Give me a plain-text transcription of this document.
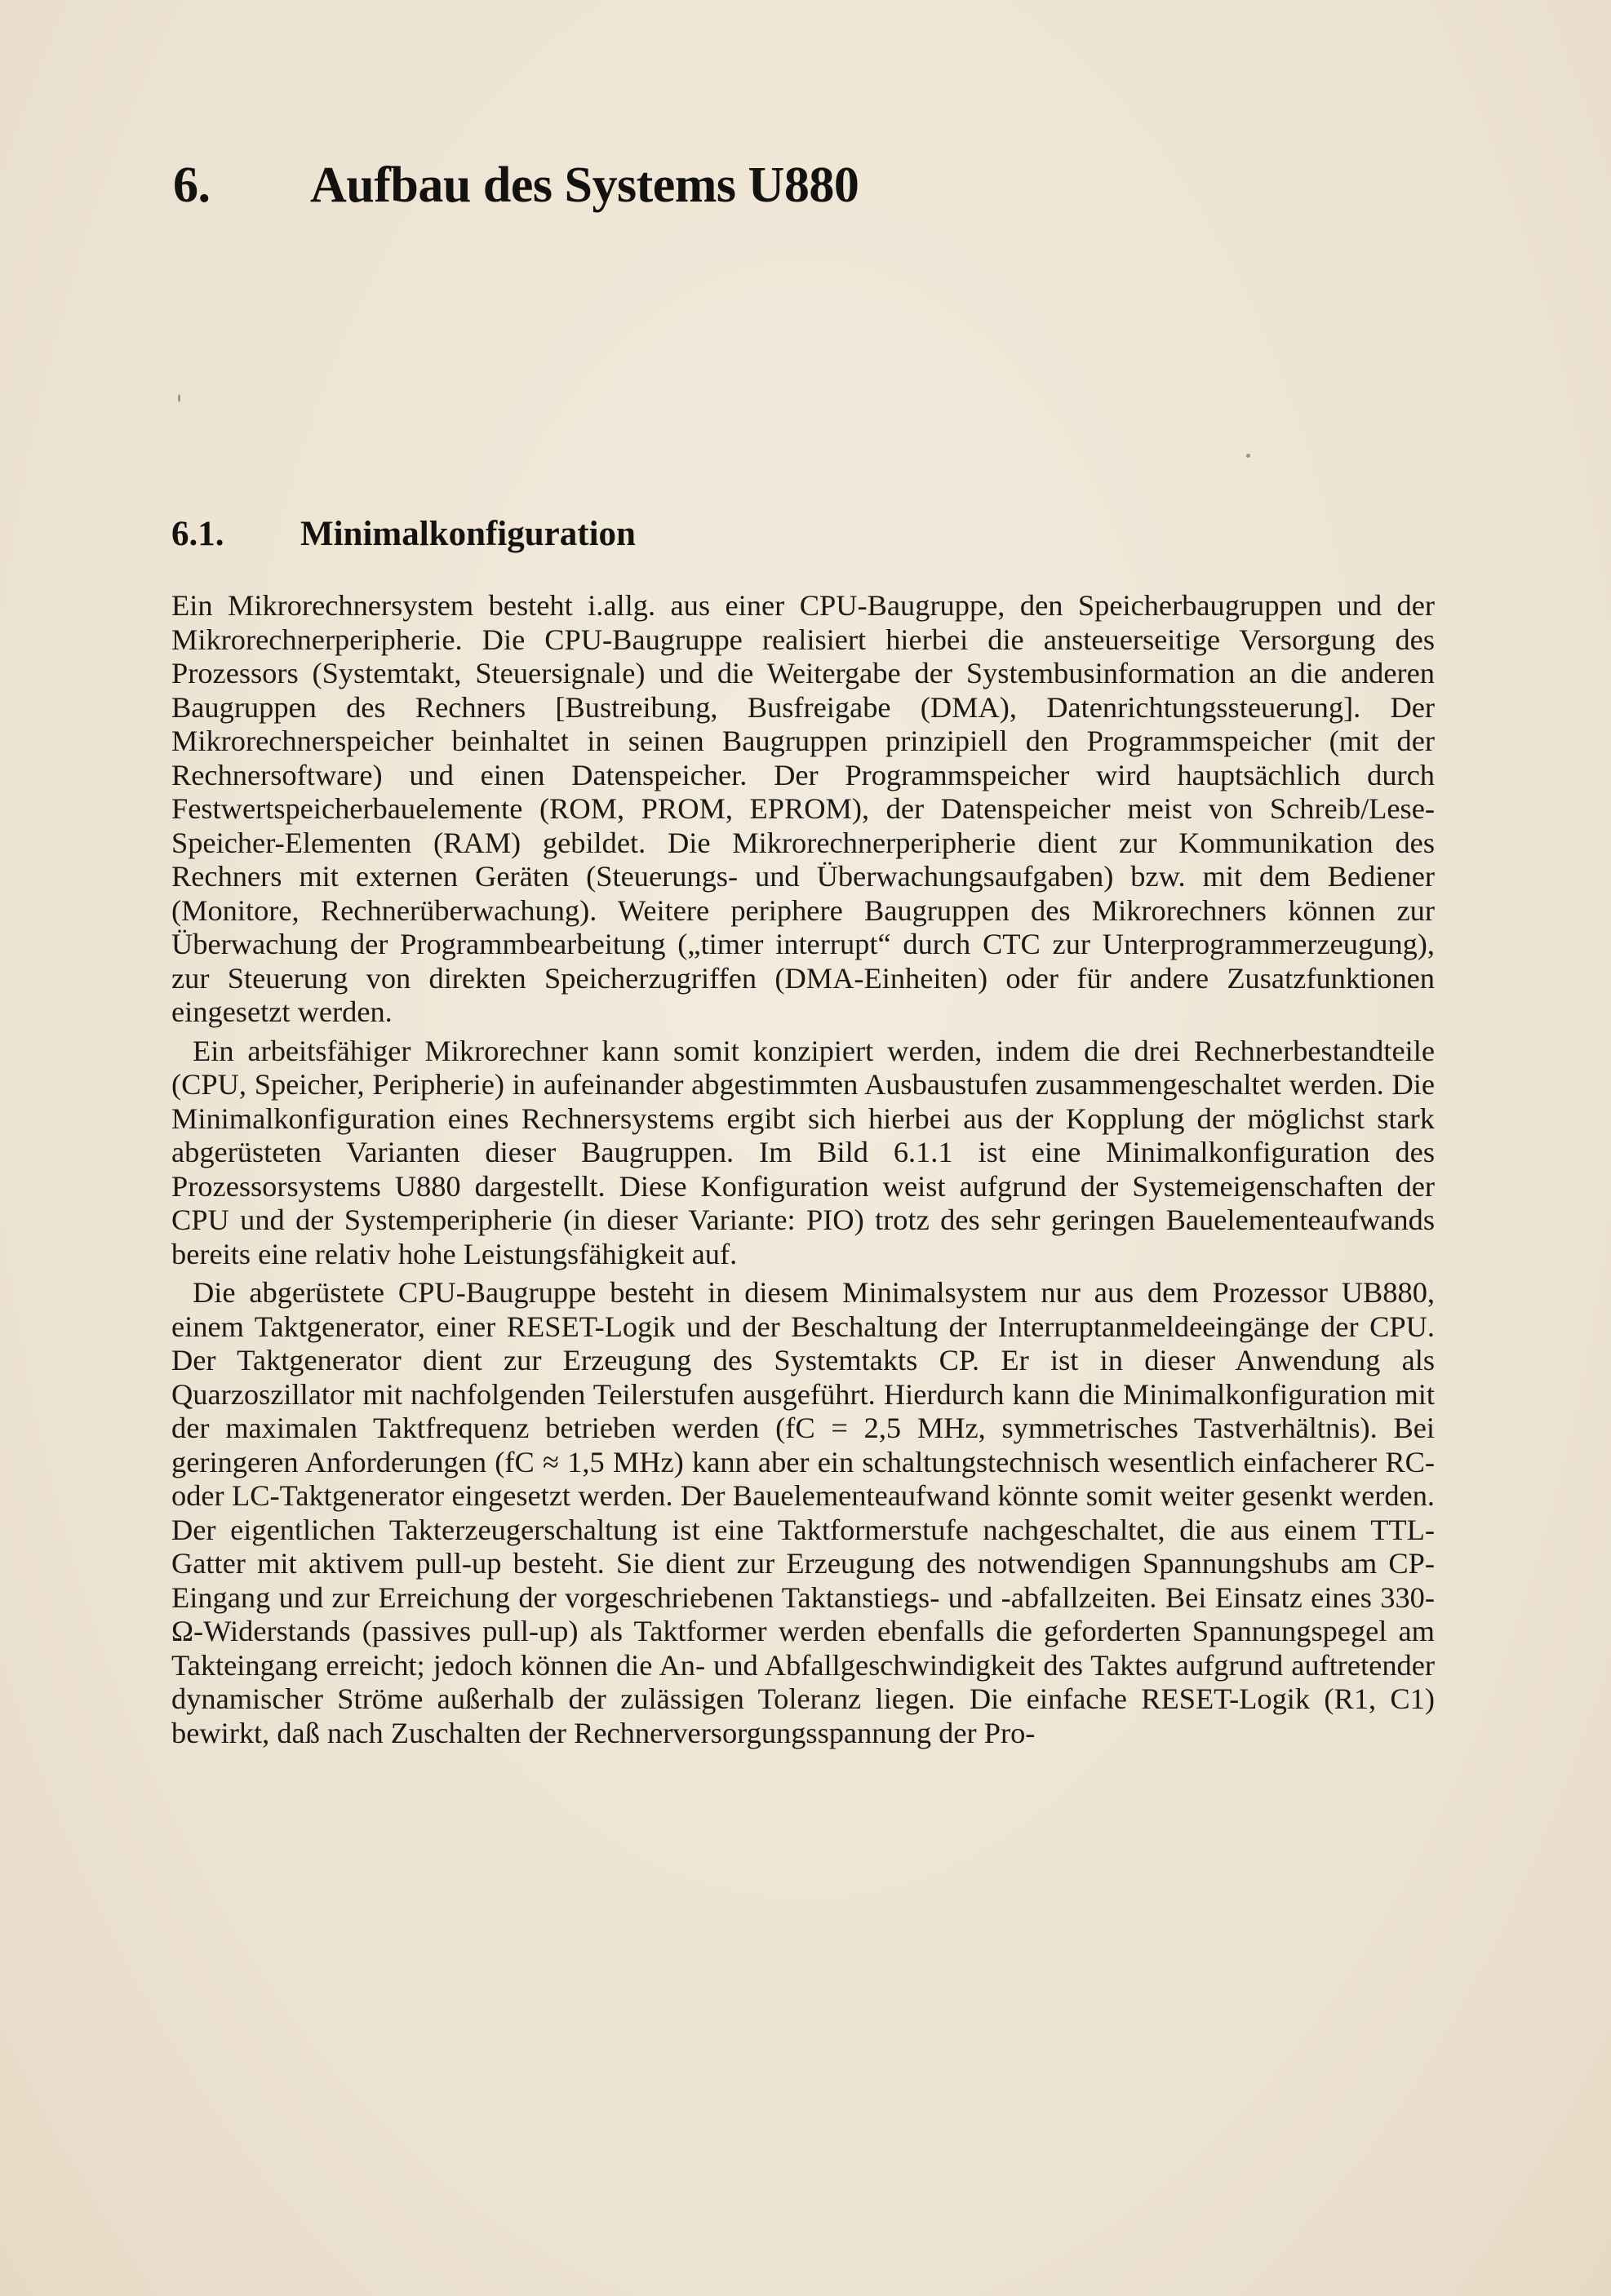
6.	Aufbau des Systems U880
6.1.	Minimalkonfiguration

Ein Mikrorechnersystem besteht i.allg. aus einer CPU-Baugruppe, den Speicherbaugruppen und der Mikrorechnerperipherie. Die CPU-Baugruppe realisiert hierbei die ansteuerseitige Versorgung des Prozessors (Systemtakt, Steuersignale) und die Weitergabe der Systembusinformation an die anderen Baugruppen des Rechners [Bustreibung, Busfreigabe (DMA), Datenrichtungssteuerung]. Der Mikrorechnerspeicher beinhaltet in seinen Baugruppen prinzipiell den Programmspeicher (mit der Rechnersoftware) und einen Datenspeicher. Der Programmspeicher wird hauptsächlich durch Festwertspeicherbauelemente (ROM, PROM, EPROM), der Datenspeicher meist von Schreib/Lese-Speicher-Elementen (RAM) gebildet. Die Mikrorechnerperipherie dient zur Kommunikation des Rechners mit externen Geräten (Steuerungs- und Überwachungsaufgaben) bzw. mit dem Bediener (Monitore, Rechnerüberwachung). Weitere periphere Baugruppen des Mikrorechners können zur Überwachung der Programmbearbeitung („timer interrupt“ durch CTC zur Unterprogrammerzeugung), zur Steuerung von direkten Speicherzugriffen (DMA-Einheiten) oder für andere Zusatzfunktionen eingesetzt werden.

Ein arbeitsfähiger Mikrorechner kann somit konzipiert werden, indem die drei Rechnerbestandteile (CPU, Speicher, Peripherie) in aufeinander abgestimmten Ausbaustufen zusammengeschaltet werden. Die Minimalkonfiguration eines Rechnersystems ergibt sich hierbei aus der Kopplung der möglichst stark abgerüsteten Varianten dieser Baugruppen. Im Bild 6.1.1 ist eine Minimalkonfiguration des Prozessorsystems U880 dargestellt. Diese Konfiguration weist aufgrund der Systemeigenschaften der CPU und der Systemperipherie (in dieser Variante: PIO) trotz des sehr geringen Bauelementeaufwands bereits eine relativ hohe Leistungsfähigkeit auf.

Die abgerüstete CPU-Baugruppe besteht in diesem Minimalsystem nur aus dem Prozessor UB880, einem Taktgenerator, einer RESET-Logik und der Beschaltung der Interruptanmeldeeingänge der CPU. Der Taktgenerator dient zur Erzeugung des Systemtakts CP. Er ist in dieser Anwendung als Quarzoszillator mit nachfolgenden Teilerstufen ausgeführt. Hierdurch kann die Minimalkonfiguration mit der maximalen Taktfrequenz betrieben werden (fC = 2,5 MHz, symmetrisches Tastverhältnis). Bei geringeren Anforderungen (fC ≈ 1,5 MHz) kann aber ein schaltungstechnisch wesentlich einfacherer RC- oder LC-Taktgenerator eingesetzt werden. Der Bauelementeaufwand könnte somit weiter gesenkt werden. Der eigentlichen Takterzeugerschaltung ist eine Taktformerstufe nachgeschaltet, die aus einem TTL-Gatter mit aktivem pull-up besteht. Sie dient zur Erzeugung des notwendigen Spannungshubs am CP-Eingang und zur Erreichung der vorgeschriebenen Taktanstiegs- und -abfallzeiten. Bei Einsatz eines 330-Ω-Widerstands (passives pull-up) als Taktformer werden ebenfalls die geforderten Spannungspegel am Takteingang erreicht; jedoch können die An- und Abfallgeschwindigkeit des Taktes aufgrund auftretender dynamischer Ströme außerhalb der zulässigen Toleranz liegen. Die einfache RESET-Logik (R1, C1) bewirkt, daß nach Zuschalten der Rechnerversorgungsspannung der Pro-
